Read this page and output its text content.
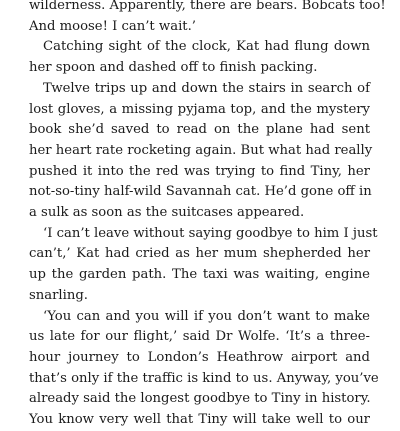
wilderness. Apparently, there are bears. Bobcats too!
And moose! I can’t wait.’
Catching sight of the clock, Kat had flung down
her spoon and dashed off to finish packing.
Twelve trips up and down the stairs in search of
lost gloves, a missing pyjama top, and the mystery
book she’d saved to read on the plane had sent
her heart rate rocketing again. But what had really
pushed it into the red was trying to find Tiny, her
not-so-tiny half-wild Savannah cat. He’d gone off in
a sulk as soon as the suitcases appeared.
‘I can’t leave without saying goodbye to him I just
can’t,’ Kat had cried as her mum shepherded her
up the garden path. The taxi was waiting, engine
snarling.
‘You can and you will if you don’t want to make
us late for our flight,’ said Dr Wolfe. ‘It’s a three-
hour journey to London’s Heathrow airport and
that’s only if the traffic is kind to us. Anyway, you’ve
already said the longest goodbye to Tiny in history.
You know very well that Tiny will take well to our
